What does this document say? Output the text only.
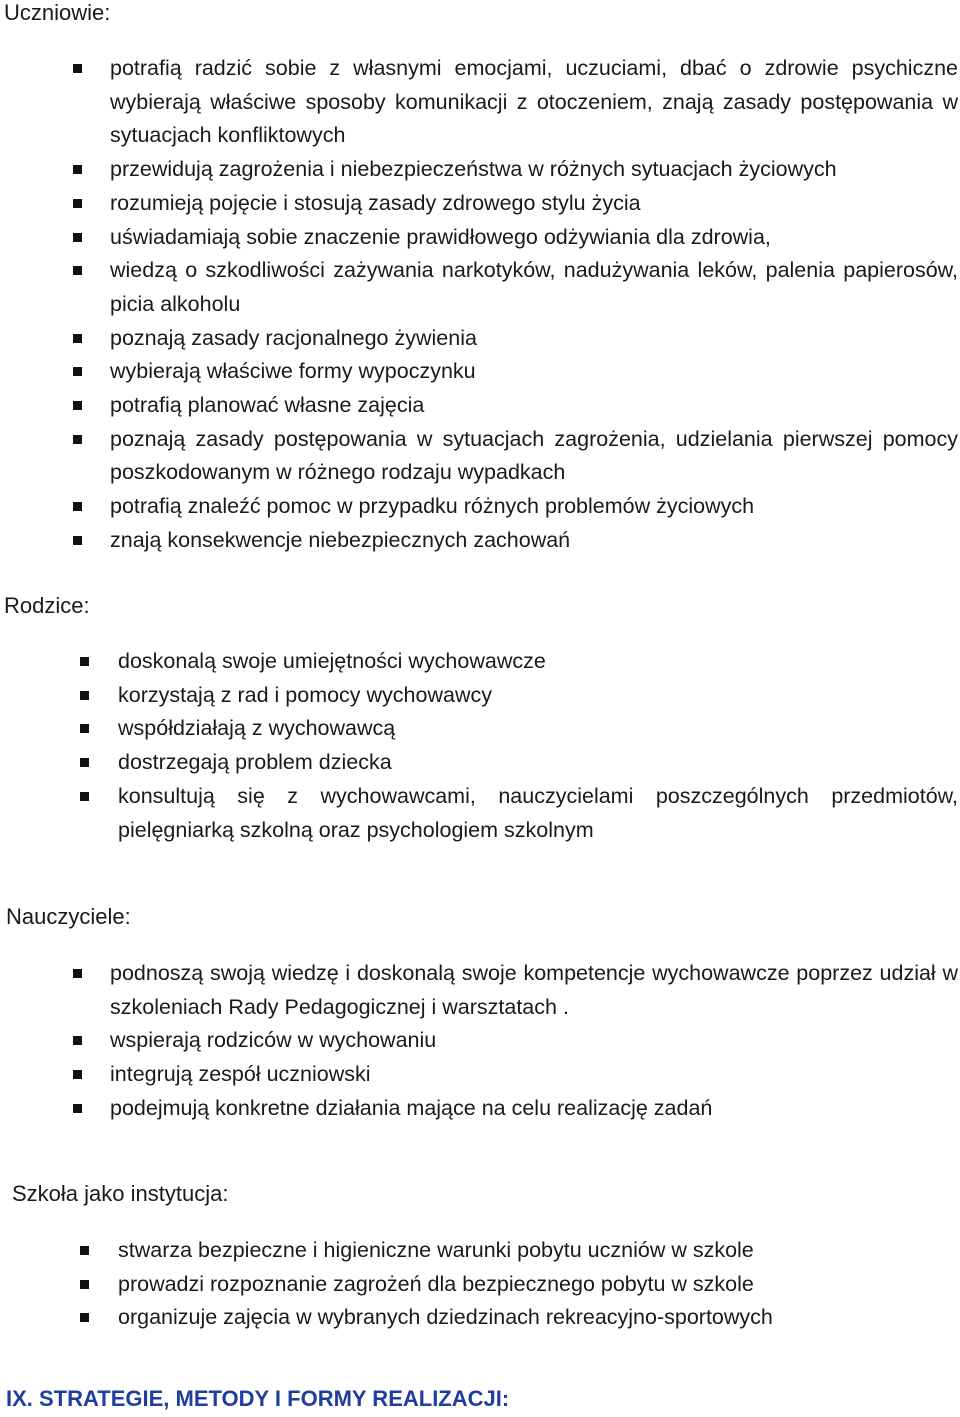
Uczniowie:
potrafią radzić sobie z własnymi emocjami, uczuciami, dbać o zdrowie psychiczne wybierają właściwe sposoby komunikacji z otoczeniem, znają zasady postępowania w sytuacjach konfliktowych
przewidują zagrożenia i niebezpieczeństwa w różnych sytuacjach życiowych
rozumieją pojęcie i stosują zasady zdrowego stylu życia
uświadamiają sobie znaczenie prawidłowego odżywiania dla zdrowia,
wiedzą o szkodliwości zażywania narkotyków, nadużywania leków, palenia papierosów, picia alkoholu
poznają zasady racjonalnego żywienia
wybierają właściwe formy wypoczynku
potrafią planować własne zajęcia
poznają zasady postępowania w sytuacjach zagrożenia, udzielania pierwszej pomocy poszkodowanym w różnego rodzaju wypadkach
potrafią znaleźć pomoc w przypadku różnych problemów życiowych
znają konsekwencje niebezpiecznych zachowań
Rodzice:
doskonalą swoje umiejętności wychowawcze
korzystają z rad i pomocy wychowawcy
współdziałają z wychowawcą
dostrzegają problem dziecka
konsultują się z wychowawcami, nauczycielami poszczególnych przedmiotów, pielęgniarką szkolną oraz psychologiem szkolnym
Nauczyciele:
podnoszą swoją wiedzę i doskonalą swoje kompetencje wychowawcze poprzez udział w szkoleniach Rady Pedagogicznej i warsztatach .
wspierają rodziców w wychowaniu
integrują zespół uczniowski
podejmują konkretne działania mające na celu realizację zadań
Szkoła jako instytucja:
stwarza bezpieczne i higieniczne warunki pobytu uczniów w szkole
prowadzi rozpoznanie zagrożeń dla bezpiecznego pobytu w szkole
organizuje zajęcia w wybranych dziedzinach rekreacyjno-sportowych
IX. STRATEGIE, METODY I FORMY REALIZACJI:
